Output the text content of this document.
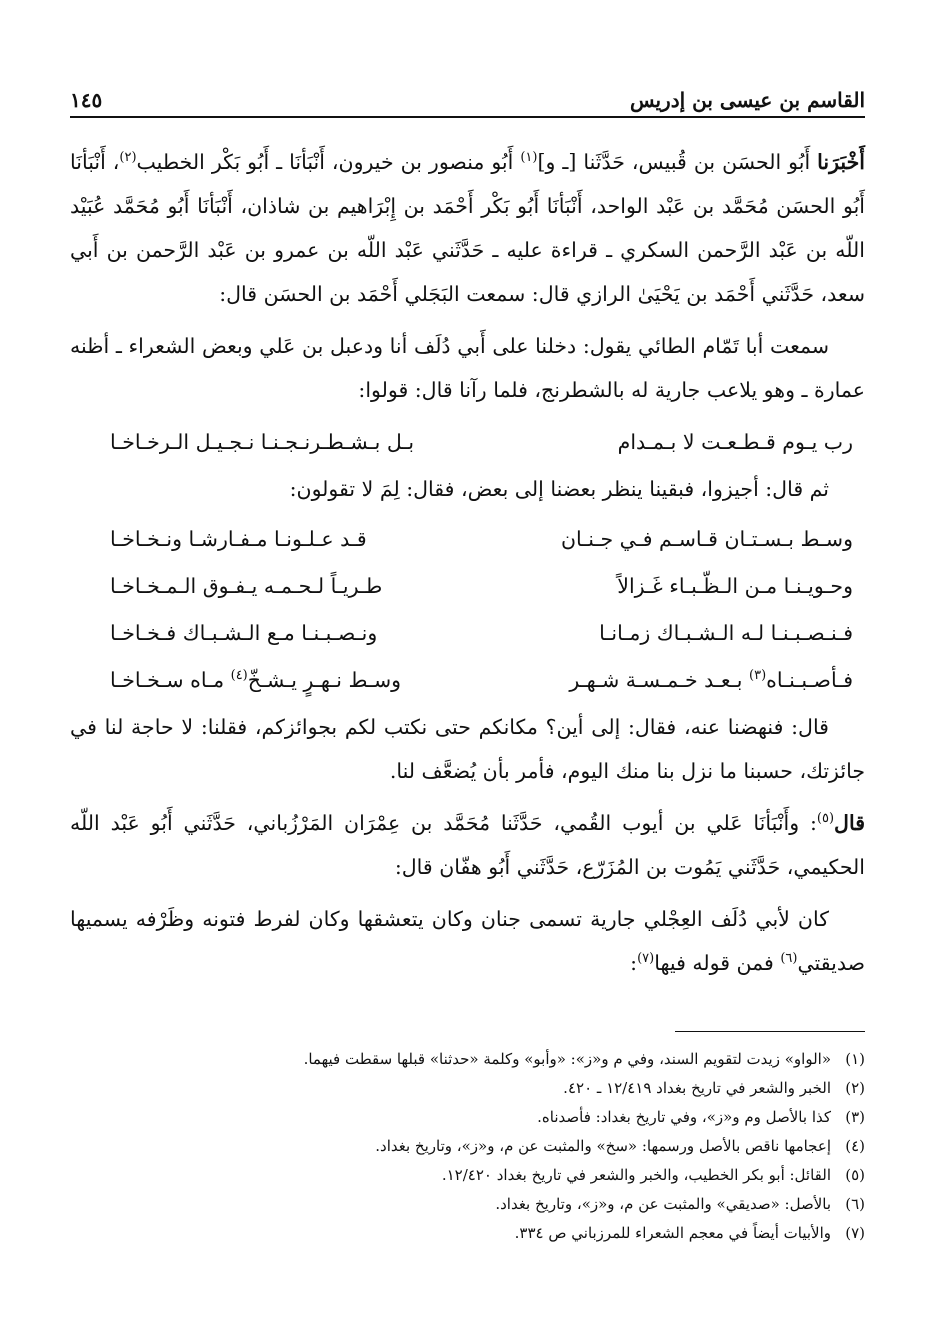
القاسم بن عيسى بن إدريس
١٤٥

أَخْبَرَنا أَبُو الحسَن بن قُبيس، حَدَّثَنا [ـ و]$^{(١)}$ أَبُو منصور بن خيرون، أَنْبَأنَا ـ أَبُو بَكْر الخطيب$^{(٢)}$، أَنْبَأنَا أَبُو الحسَن مُحَمَّد بن عَبْد الواحد، أَنْبَأنَا أَبُو بَكْر أَحْمَد بن إِبْرَاهيم بن شاذان، أَنْبَأنَا أَبُو مُحَمَّد عُبَيْد اللّه بن عَبْد الرَّحمن السكري ـ قراءة عليه ـ حَدَّثَني عَبْد اللّه بن عمرو بن عَبْد الرَّحمن بن أَبي سعد، حَدَّثَني أَحْمَد بن يَحْيَىٰ الرازي قال: سمعت البَجَلي أَحْمَد بن الحسَن قال:

سمعت أبا تَمّام الطائي يقول: دخلنا على أَبي دُلَف أنا ودعبل بن عَلي وبعض الشعراء ـ أظنه عمارة ـ وهو يلاعب جارية له بالشطرنج، فلما رآنا قال: قولوا:

رب يـوم قـطـعـت لا بـمـدام
بـل بـشـطـرنـجـنـا نـجـيـل الـرخـاخـا

ثم قال: أجيزوا، فبقينا ينظر بعضنا إلى بعض، فقال: لِمَ لا تقولون:

وسـط بـسـتـان قـاسـم فـي جـنـان
قـد عـلـونـا مـفـارشـا ونـخـاخـا
وحـويـنـا مـن الـظّـبـاء غَـزالاً
طـريـاً لـحـمـه يـفـوق الـمـخـاخـا
فـنـصـبـنـا لـه الـشـبـاك زمـانـا
ونـصـبـنـا مـع الـشـبـاك فـخـاخـا
فـأصـبـنـاه$^{(٣)}$ بـعـد خـمـسـة شـهـر
وسـط نـهـرٍ يـشـخّ$^{(٤)}$ مـاه سـخـاخـا

قال: فنهضنا عنه، فقال: إلى أين؟ مكانكم حتى نكتب لكم بجوائزكم، فقلنا: لا حاجة لنا في جائزتك، حسبنا ما نزل بنا منك اليوم، فأمر بأن يُضعَّف لنا.

قال$^{(٥)}$: وأَنْبَأنَا عَلي بن أيوب القُمي، حَدَّثَنا مُحَمَّد بن عِمْرَان المَرْزُباني، حَدَّثَني أَبُو عَبْد اللّه الحكيمي، حَدَّثَني يَمُوت بن المُزَرّع، حَدَّثَني أَبُو هفّان قال:

كان لأبي دُلَف العِجْلي جارية تسمى جنان وكان يتعشقها وكان لفرط فتونه وظَرْفه يسميها صديقتي$^{(٦)}$ فمن قوله فيها$^{(٧)}$:

(١)
«الواو» زيدت لتقويم السند، وفي م و«ز»: «وأبو» وكلمة «حدثنا» قبلها سقطت فيهما.
(٢)
الخبر والشعر في تاريخ بغداد ١٢/٤١٩ ـ ٤٢٠.
(٣)
كذا بالأصل وم و«ز»، وفي تاريخ بغداد: فأصدناه.
(٤)
إعجامها ناقص بالأصل ورسمها: «سخ» والمثبت عن م، و«ز»، وتاريخ بغداد.
(٥)
القائل: أبو بكر الخطيب، والخبر والشعر في تاريخ بغداد ١٢/٤٢٠.
(٦)
بالأصل: «صديقي» والمثبت عن م، و«ز»، وتاريخ بغداد.
(٧)
والأبيات أيضاً في معجم الشعراء للمرزباني ص ٣٣٤.
